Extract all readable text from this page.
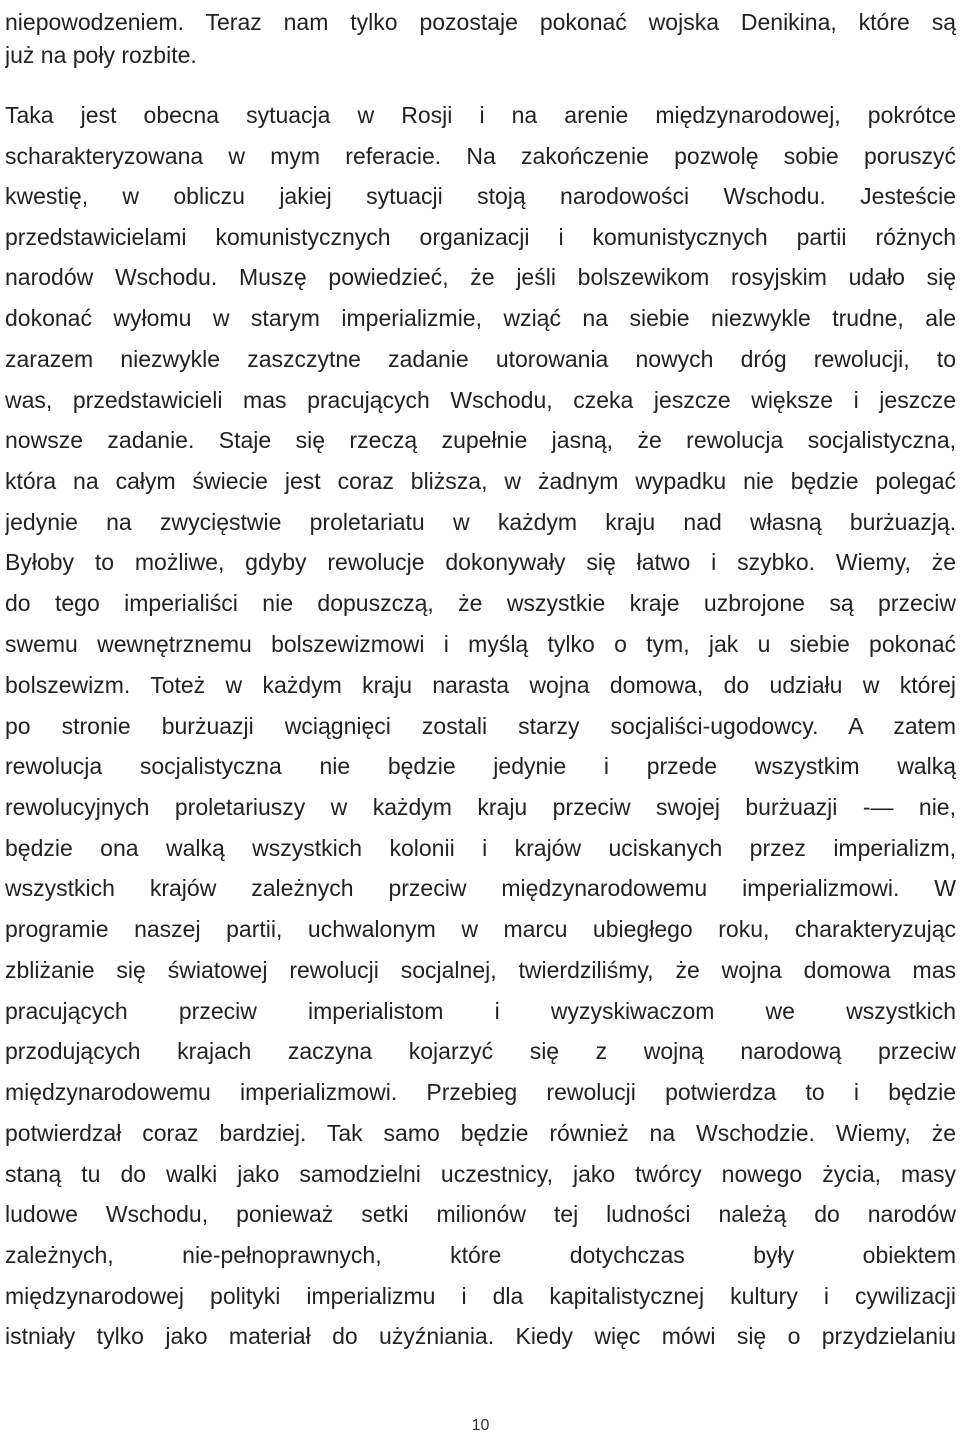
niepowodzeniem. Teraz nam tylko pozostaje pokonać wojska Denikina, które są
już na poły rozbite.
Taka jest obecna sytuacja w Rosji i na arenie międzynarodowej, pokrótce
scharakteryzowana w mym referacie. Na zakończenie pozwolę sobie poruszyć
kwestię, w obliczu jakiej sytuacji stoją narodowości Wschodu. Jesteście
przedstawicielami komunistycznych organizacji i komunistycznych partii różnych
narodów Wschodu. Muszę powiedzieć, że jeśli bolszewikom rosyjskim udało się
dokonać wyłomu w starym imperializmie, wziąć na siebie niezwykle trudne, ale
zarazem niezwykle zaszczytne zadanie utorowania nowych dróg rewolucji, to
was, przedstawicieli mas pracujących Wschodu, czeka jeszcze większe i jeszcze
nowsze zadanie. Staje się rzeczą zupełnie jasną, że rewolucja socjalistyczna,
która na całym świecie jest coraz bliższa, w żadnym wypadku nie będzie polegać
jedynie na zwycięstwie proletariatu w każdym kraju nad własną burżuazją.
Byłoby to możliwe, gdyby rewolucje dokonywały się łatwo i szybko. Wiemy, że
do tego imperialiści nie dopuszczą, że wszystkie kraje uzbrojone są przeciw
swemu wewnętrznemu bolszewizmowi i myślą tylko o tym, jak u siebie pokonać
bolszewizm. Toteż w każdym kraju narasta wojna domowa, do udziału w której
po stronie burżuazji wciągnięci zostali starzy socjaliści-ugodowcy. A zatem
rewolucja socjalistyczna nie będzie jedynie i przede wszystkim walką
rewolucyjnych proletariuszy w każdym kraju przeciw swojej burżuazji -— nie,
będzie ona walką wszystkich kolonii i krajów uciskanych przez imperializm,
wszystkich krajów zależnych przeciw międzynarodowemu imperializmowi. W
programie naszej partii, uchwalonym w marcu ubiegłego roku, charakteryzując
zbliżanie się światowej rewolucji socjalnej, twierdziliśmy, że wojna domowa mas
pracujących przeciw imperialistom i wyzyskiwaczom we wszystkich
przodujących krajach zaczyna kojarzyć się z wojną narodową przeciw
międzynarodowemu imperializmowi. Przebieg rewolucji potwierdza to i będzie
potwierdzał coraz bardziej. Tak samo będzie również na Wschodzie. Wiemy, że
staną tu do walki jako samodzielni uczestnicy, jako twórcy nowego życia, masy
ludowe Wschodu, ponieważ setki milionów tej ludności należą do narodów
zależnych, nie-pełnoprawnych, które dotychczas były obiektem
międzynarodowej polityki imperializmu i dla kapitalistycznej kultury i cywilizacji
istniały tylko jako materiał do użyźniania. Kiedy więc mówi się o przydzielaniu
10
